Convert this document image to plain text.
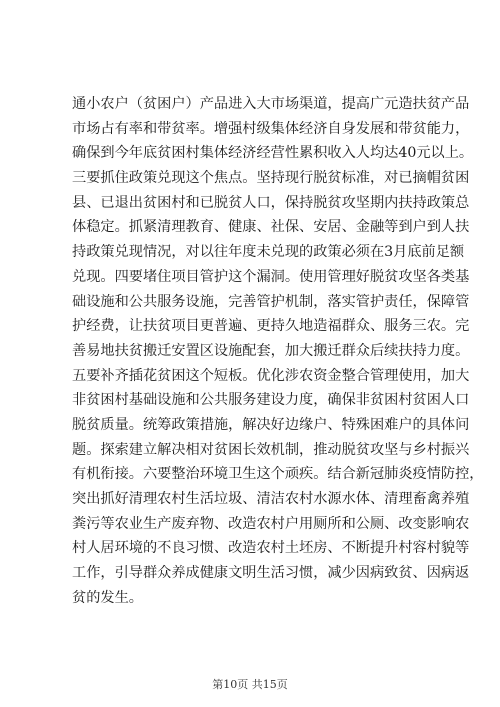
通小农户（贫困户）产品进入大市场渠道，提高广元造扶贫产品
市场占有率和带贫率。增强村级集体经济自身发展和带贫能力，
确保到今年底贫困村集体经济经营性累积收入人均达40元以上。
三要抓住政策兑现这个焦点。坚持现行脱贫标准，对已摘帽贫困
县、已退出贫困村和已脱贫人口，保持脱贫攻坚期内扶持政策总
体稳定。抓紧清理教育、健康、社保、安居、金融等到户到人扶
持政策兑现情况，对以往年度未兑现的政策必须在3月底前足额
兑现。四要堵住项目管护这个漏洞。使用管理好脱贫攻坚各类基
础设施和公共服务设施，完善管护机制，落实管护责任，保障管
护经费，让扶贫项目更普遍、更持久地造福群众、服务三农。完
善易地扶贫搬迁安置区设施配套，加大搬迁群众后续扶持力度。
五要补齐插花贫困这个短板。优化涉农资金整合管理使用，加大
非贫困村基础设施和公共服务建设力度，确保非贫困村贫困人口
脱贫质量。统筹政策措施，解决好边缘户、特殊困难户的具体问
题。探索建立解决相对贫困长效机制，推动脱贫攻坚与乡村振兴
有机衔接。六要整治环境卫生这个顽疾。结合新冠肺炎疫情防控，
突出抓好清理农村生活垃圾、清洁农村水源水体、清理畜禽养殖
粪污等农业生产废弃物、改造农村户用厕所和公厕、改变影响农
村人居环境的不良习惯、改造农村土坯房、不断提升村容村貌等
工作，引导群众养成健康文明生活习惯，减少因病致贫、因病返
贫的发生。
第10页 共15页
